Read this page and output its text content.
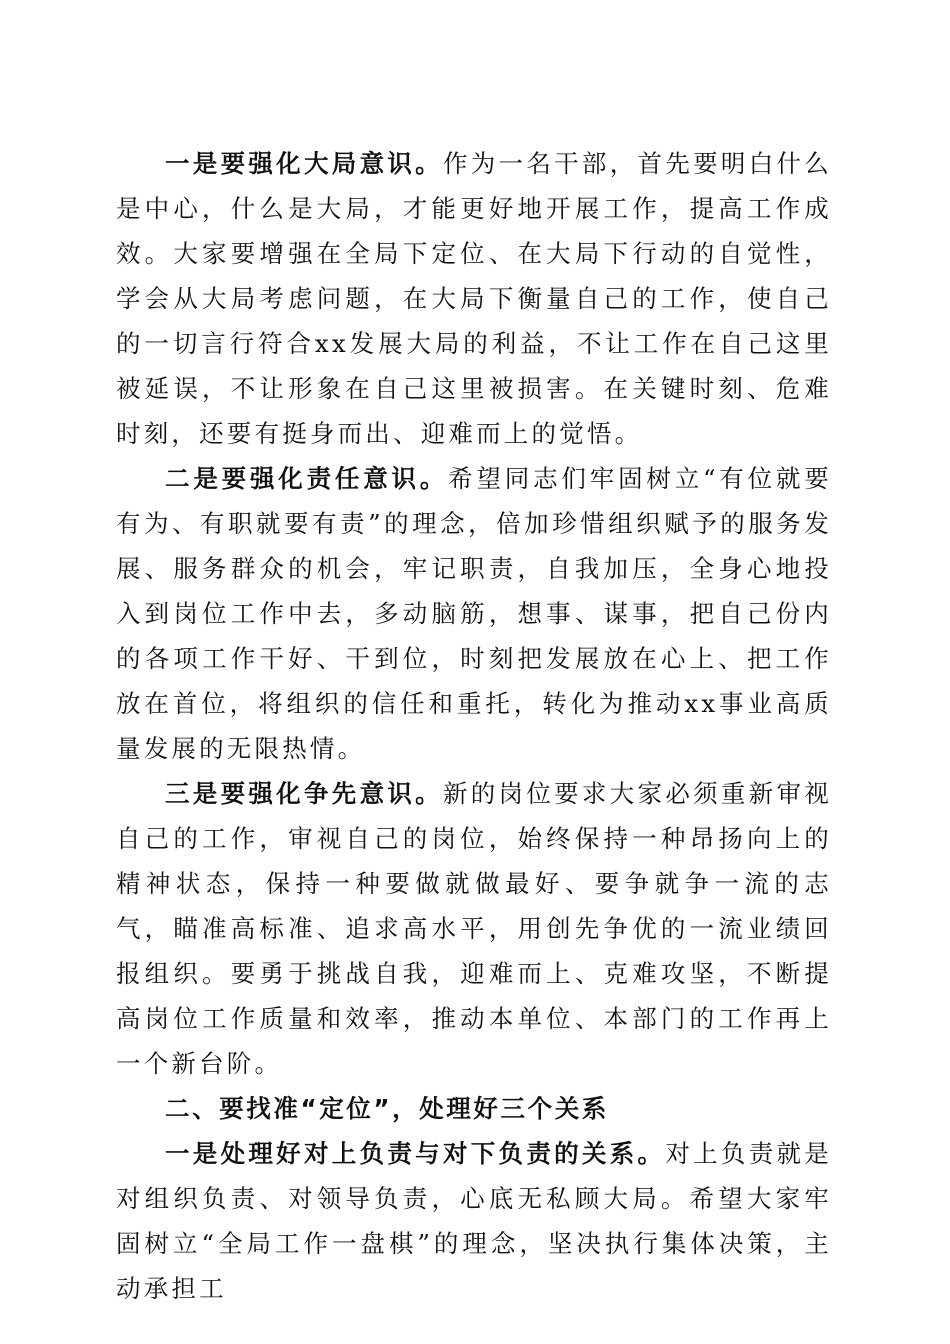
一是要强化大局意识。作为一名干部，首先要明白什么是中心，什么是大局，才能更好地开展工作，提高工作成效。大家要增强在全局下定位、在大局下行动的自觉性，学会从大局考虑问题，在大局下衡量自己的工作，使自己的一切言行符合xx发展大局的利益，不让工作在自己这里被延误，不让形象在自己这里被损害。在关键时刻、危难时刻，还要有挺身而出、迎难而上的觉悟。

二是要强化责任意识。希望同志们牢固树立“有位就要有为、有职就要有责”的理念，倍加珍惜组织赋予的服务发展、服务群众的机会，牢记职责，自我加压，全身心地投入到岗位工作中去，多动脑筋，想事、谋事，把自己份内的各项工作干好、干到位，时刻把发展放在心上、把工作放在首位，将组织的信任和重托，转化为推动xx事业高质量发展的无限热情。

三是要强化争先意识。新的岗位要求大家必须重新审视自己的工作，审视自己的岗位，始终保持一种昂扬向上的精神状态，保持一种要做就做最好、要争就争一流的志气，瞄准高标准、追求高水平，用创先争优的一流业绩回报组织。要勇于挑战自我，迎难而上、克难攻坚，不断提高岗位工作质量和效率，推动本单位、本部门的工作再上一个新台阶。

二、要找准“定位”，处理好三个关系

一是处理好对上负责与对下负责的关系。对上负责就是对组织负责、对领导负责，心底无私顾大局。希望大家牢固树立“全局工作一盘棋”的理念，坚决执行集体决策，主动承担工
